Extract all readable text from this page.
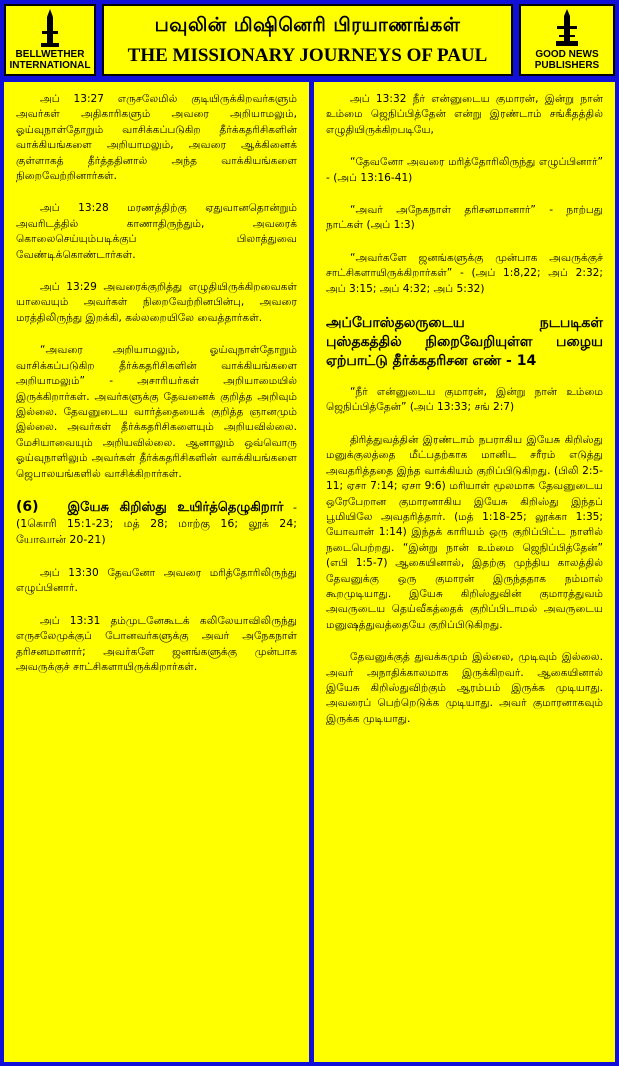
BELLWETHER
INTERNATIONAL
பவுலின் மிஷினெரி பிரயாணங்கள்
THE MISSIONARY JOURNEYS OF PAUL	GOOD NEWS
PUBLISHERS

அப் 13:27 எருசலேமில் குடியிருக்கிறவர்களும் அவர்கள் அதிகாரிகளும் அவரை அறியாமலும், ஓய்வுநாள்தோறும் வாசிக்கப்படுகிற தீர்க்கதரிசிகளின் வாக்கியங்களை அறியாமலும், அவரை ஆக்கினைக் குள்ளாகத் தீர்த்ததினால் அந்த வாக்கியங்களை நிறைவேற்றினார்கள்.

அப் 13:28 மரணத்திற்கு ஏதுவானதொன்றும் அவரிடத்தில் காணாதிருந்தும், அவரைக் கொலைசெய்யும்படிக்குப் பிலாத்துவை வேண்டிக்கொண்டார்கள்.

அப் 13:29 அவரைக்குறித்து எழுதியிருக்கிறவைகள் யாவையும் அவர்கள் நிறைவேற்றினபின்பு, அவரை மரத்திலிருந்து இறக்கி, கல்லறையிலே வைத்தார்கள்.

“அவரை அறியாமலும், ஓய்வுநாள்தோறும் வாசிக்கப்படுகிற தீர்க்கதரிசிகளின் வாக்கியங்களை அறியாமலும்” - அசாரியர்கள் அறியாமையில் இருக்கிறார்கள். அவர்களுக்கு தேவனைக் குறித்த அறிவும் இல்லை. தேவனுடைய வார்த்தையைக் குறித்த ஞானமும் இல்லை. அவர்கள் தீர்க்கதரிசிகளையும் அறியவில்லை. மேசியாவையும் அறியவில்லை. ஆனாலும் ஒவ்வொரு ஓய்வுநாளிலும் அவர்கள் தீர்க்கதரிசிகளின் வாக்கியங்களை ஜெபாலயங்களில் வாசிக்கிறார்கள்.

(6) இயேசு கிறிஸ்து உயிர்த்தெழுகிறார் - (1கொரி 15:1-23; மத் 28; மாற்கு 16; லூக் 24; யோவான் 20-21)

அப் 13:30 தேவனோ அவரை மரித்தோரிலிருந்து எழுப்பினார்.

அப் 13:31 தம்முடனேகூடக் கலிலேயாவிலிருந்து எருசலேமுக்குப் போனவர்களுக்கு அவர் அநேகநாள் தரிசனமானார்; அவர்களே ஜனங்களுக்கு முன்பாக அவருக்குச் சாட்சிகளாயிருக்கிறார்கள்.

அப் 13:32 நீர் என்னுடைய குமாரன், இன்று நான் உம்மை ஜெநிப்பித்தேன் என்று இரண்டாம் சங்கீதத்தில் எழுதியிருக்கிறபடியே,

“தேவனோ அவரை மரித்தோரிலிருந்து எழுப்பினார்” - (அப் 13:16-41)

“அவர் அநேகநாள் தரிசனமானார்” - நாற்பது நாட்கள் (அப் 1:3)

“அவர்களே ஜனங்களுக்கு முன்பாக அவருக்குச் சாட்சிகளாயிருக்கிறார்கள்” - (அப் 1:8,22; அப் 2:32; அப் 3:15; அப் 4:32; அப் 5:32)

அப்போஸ்தலருடைய நடபடிகள் புஸ்தகத்தில் நிறைவேறியுள்ள பழைய ஏற்பாட்டு தீர்க்கதரிசன எண் - 14

“நீர் என்னுடைய குமாரன், இன்று நான் உம்மை ஜெநிப்பித்தேன்” (அப் 13:33; சங் 2:7)

திரித்துவத்தின் இரண்டாம் நபராகிய இயேசு கிறிஸ்து மனுக்குலத்தை மீட்பதற்காக மானிட சரீரம் எடுத்து அவதரித்ததை இந்த வாக்கியம் குறிப்பிடுகிறது. (பிலி 2:5-11; ஏசா 7:14; ஏசா 9:6) மரியாள் மூலமாக தேவனுடைய ஒரேபேறான குமாரனாகிய இயேசு கிறிஸ்து இந்தப் பூமியிலே அவதரித்தார். (மத் 1:18-25; லூக்கா 1:35; யோவான் 1:14) இந்தக் காரியம் ஒரு குறிப்பிட்ட நாளில் நடைபெற்றது. “இன்று நான் உம்மை ஜெநிப்பித்தேன்” (எபி 1:5-7) ஆகையினால், இதற்கு முந்திய காலத்தில் தேவனுக்கு ஒரு குமாரன் இருந்ததாக நம்மால் கூறமுடியாது. இயேசு கிறிஸ்துவின் குமாரத்துவம் அவருடைய தெய்வீகத்தைக் குறிப்பிடாமல் அவருடைய மனுஷத்துவத்தையே குறிப்பிடுகிறது.

தேவனுக்குத் துவக்கமும் இல்லை, முடிவும் இல்லை. அவர் அநாதிக்காலமாக இருக்கிறவர். ஆகையினால் இயேசு கிறிஸ்துவிற்கும் ஆரம்பம் இருக்க முடியாது. அவரைப் பெற்றெடுக்க முடியாது. அவர் குமாரனாகவும் இருக்க முடியாது.
